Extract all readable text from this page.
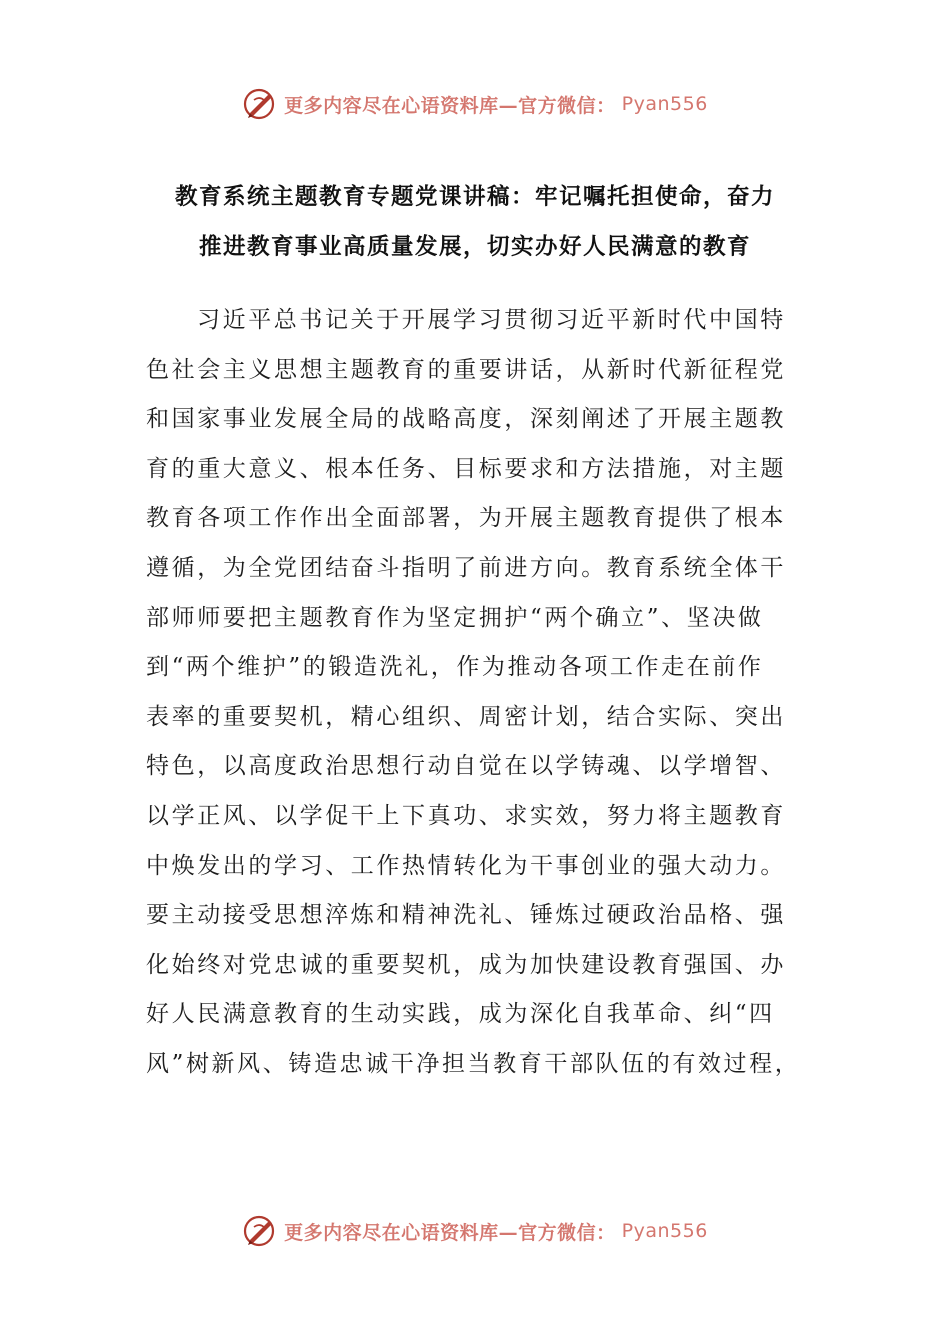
更多内容尽在心语资料库—官方微信： Pyan556
教育系统主题教育专题党课讲稿：牢记嘱托担使命，奋力
推进教育事业高质量发展，切实办好人民满意的教育
习近平总书记关于开展学习贯彻习近平新时代中国特
色社会主义思想主题教育的重要讲话，从新时代新征程党
和国家事业发展全局的战略高度，深刻阐述了开展主题教
育的重大意义、根本任务、目标要求和方法措施，对主题
教育各项工作作出全面部署，为开展主题教育提供了根本
遵循，为全党团结奋斗指明了前进方向。教育系统全体干
部师师要把主题教育作为坚定拥护“两个确立”、坚决做
到“两个维护”的锻造洗礼，作为推动各项工作走在前作
表率的重要契机，精心组织、周密计划，结合实际、突出
特色，以高度政治思想行动自觉在以学铸魂、以学增智、
以学正风、以学促干上下真功、求实效，努力将主题教育
中焕发出的学习、工作热情转化为干事创业的强大动力。
要主动接受思想淬炼和精神洗礼、锤炼过硬政治品格、强
化始终对党忠诚的重要契机，成为加快建设教育强国、办
好人民满意教育的生动实践，成为深化自我革命、纠“四
风”树新风、铸造忠诚干净担当教育干部队伍的有效过程，
更多内容尽在心语资料库—官方微信： Pyan556
